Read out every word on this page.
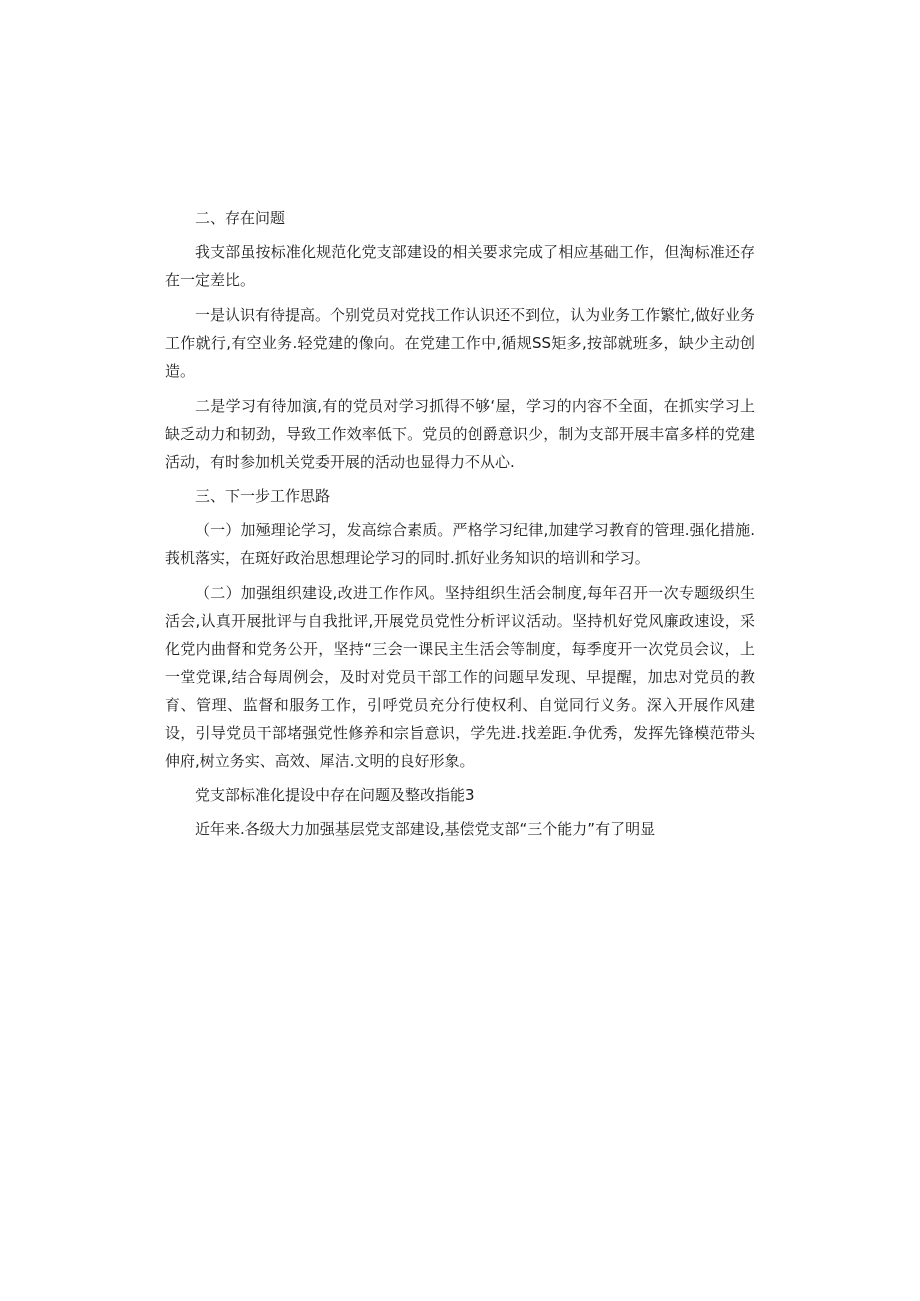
二、存在问题

我支部虽按标准化规范化党支部建设的相关要求完成了相应基础工作，但淘标准还存在一定差比。

一是认识有待提高。个别党员对党找工作认识还不到位，认为业务工作繁忙,做好业务工作就行,有空业务.轻党建的像向。在党建工作中,循规SS矩多,按部就班多，缺少主动创造。

二是学习有待加演,有的党员对学习抓得不够‘屋，学习的内容不全面，在抓实学习上缺乏动力和韧劲，导致工作效率低下。党员的创爵意识少，制为支部开展丰富多样的党建活动，有时参加机关党委开展的活动也显得力不从心.

三、下一步工作思路

（一）加殛理论学习，发高综合素质。严格学习纪律,加建学习教育的管理.强化措施.莪机落实，在斑好政治思想理论学习的同时.抓好业务知识的培训和学习。

（二）加强组织建设,改进工作作风。坚持组织生活会制度,每年召开一次专题级织生活会,认真开展批评与自我批评,开展党员党性分析评议活动。坚持机好党风廉政速设，采化党内曲督和党务公开，坚持“三会一课民主生活会等制度，每季度开一次党员会议，上一堂党课,结合每周例会，及时对党员干部工作的问题早发现、早提醒，加忠对党员的教育、管理、监督和服务工作，引呼党员充分行使权利、自觉同行义务。深入开展作风建设，引导党员干部堵强党性修养和宗旨意识，学先进.找差距.争优秀，发挥先锋模范带头伸府,树立务实、高效、犀洁.文明的良好形象。

党支部标准化提设中存在问题及整改指能3

近年来.各级大力加强基层党支部建设,基偿党支部“三个能力”有了明显
